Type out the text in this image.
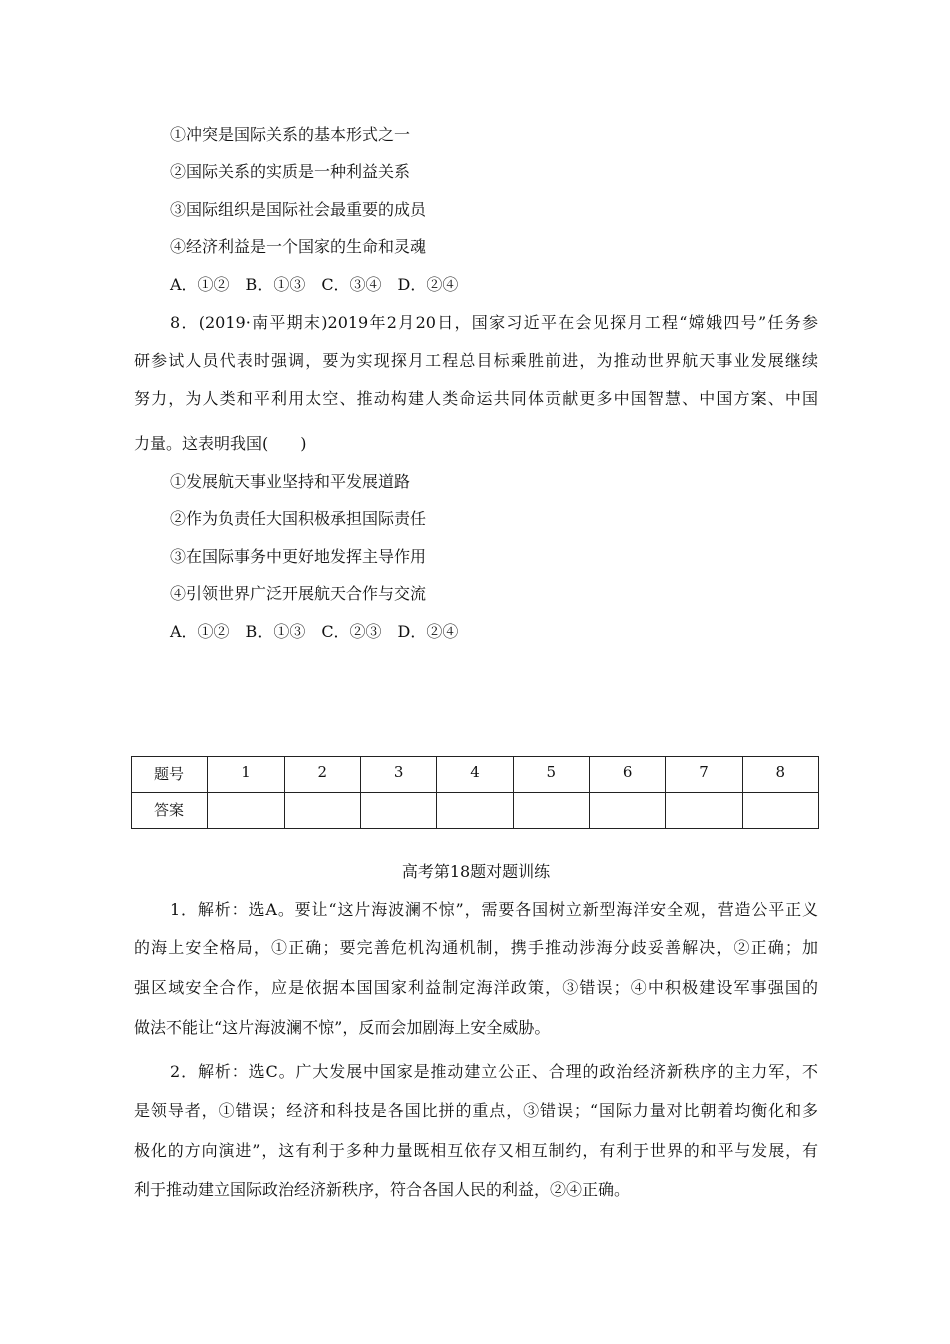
①冲突是国际关系的基本形式之一
②国际关系的实质是一种利益关系
③国际组织是国际社会最重要的成员
④经济利益是一个国家的生命和灵魂
A．①②　B．①③　C．③④　D．②④
8．(2019·南平期末)2019年2月20日，国家习近平在会见探月工程“嫦娥四号”任务参
研参试人员代表时强调，要为实现探月工程总目标乘胜前进，为推动世界航天事业发展继续
努力，为人类和平利用太空、推动构建人类命运共同体贡献更多中国智慧、中国方案、中国
力量。这表明我国(　　)
①发展航天事业坚持和平发展道路
②作为负责任大国积极承担国际责任
③在国际事务中更好地发挥主导作用
④引领世界广泛开展航天合作与交流
A．①②　B．①③　C．②③　D．②④
题号	1	2	3	4	5	6	7	8
答案								
高考第18题对题训练
1．解析：选A。要让“这片海波澜不惊”，需要各国树立新型海洋安全观，营造公平正义
的海上安全格局，①正确；要完善危机沟通机制，携手推动涉海分歧妥善解决，②正确；加
强区域安全合作，应是依据本国国家利益制定海洋政策，③错误；④中积极建设军事强国的
做法不能让“这片海波澜不惊”，反而会加剧海上安全威胁。
2．解析：选C。广大发展中国家是推动建立公正、合理的政治经济新秩序的主力军，不
是领导者，①错误；经济和科技是各国比拼的重点，③错误；“国际力量对比朝着均衡化和多
极化的方向演进”，这有利于多种力量既相互依存又相互制约，有利于世界的和平与发展，有
利于推动建立国际政治经济新秩序，符合各国人民的利益，②④正确。
